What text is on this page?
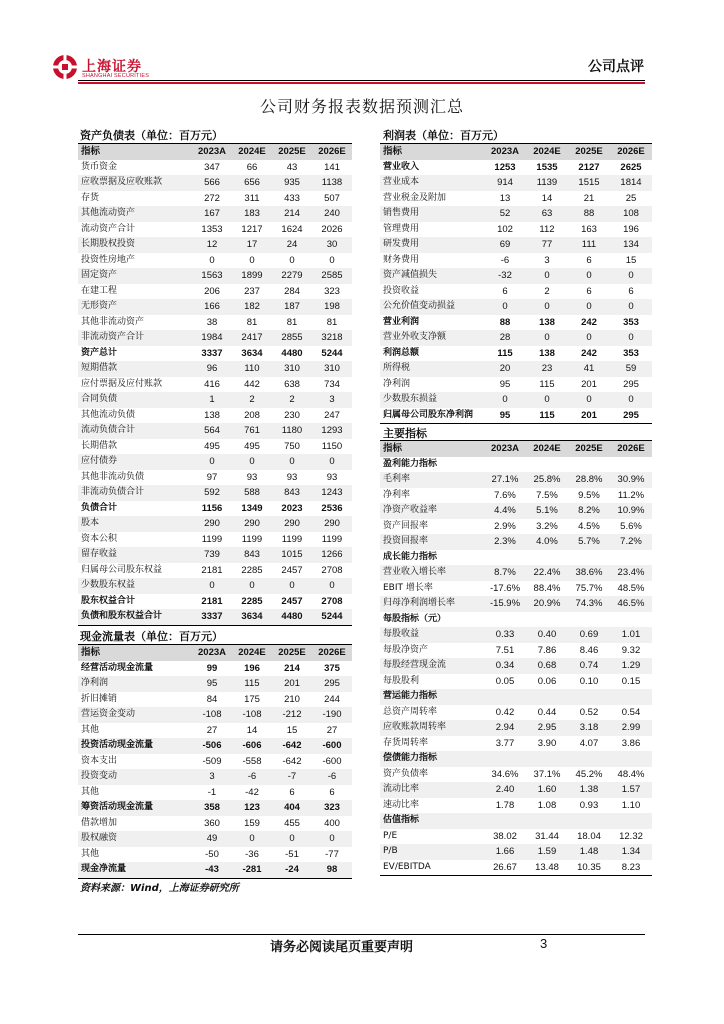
上海证券
SHANGHAI SECURITIES
公司点评
公司财务报表数据预测汇总
资产负债表（单位：百万元）
指标	2023A	2024E	2025E	2026E
货币资金	347	66	43	141
应收票据及应收账款	566	656	935	1138
存货	272	311	433	507
其他流动资产	167	183	214	240
流动资产合计	1353	1217	1624	2026
长期股权投资	12	17	24	30
投资性房地产	0	0	0	0
固定资产	1563	1899	2279	2585
在建工程	206	237	284	323
无形资产	166	182	187	198
其他非流动资产	38	81	81	81
非流动资产合计	1984	2417	2855	3218
资产总计	3337	3634	4480	5244
短期借款	96	110	310	310
应付票据及应付账款	416	442	638	734
合同负债	1	2	2	3
其他流动负债	138	208	230	247
流动负债合计	564	761	1180	1293
长期借款	495	495	750	1150
应付债券	0	0	0	0
其他非流动负债	97	93	93	93
非流动负债合计	592	588	843	1243
负债合计	1156	1349	2023	2536
股本	290	290	290	290
资本公积	1199	1199	1199	1199
留存收益	739	843	1015	1266
归属母公司股东权益	2181	2285	2457	2708
少数股东权益	0	0	0	0
股东权益合计	2181	2285	2457	2708
负债和股东权益合计	3337	3634	4480	5244
现金流量表（单位：百万元）
指标	2023A	2024E	2025E	2026E
经营活动现金流量	99	196	214	375
净利润	95	115	201	295
折旧摊销	84	175	210	244
营运资金变动	-108	-108	-212	-190
其他	27	14	15	27
投资活动现金流量	-506	-606	-642	-600
资本支出	-509	-558	-642	-600
投资变动	3	-6	-7	-6
其他	-1	-42	6	6
筹资活动现金流量	358	123	404	323
借款增加	360	159	455	400
股权融资	49	0	0	0
其他	-50	-36	-51	-77
现金净流量	-43	-281	-24	98
利润表（单位：百万元）
指标	2023A	2024E	2025E	2026E
营业收入	1253	1535	2127	2625
营业成本	914	1139	1515	1814
营业税金及附加	13	14	21	25
销售费用	52	63	88	108
管理费用	102	112	163	196
研发费用	69	77	111	134
财务费用	-6	3	6	15
资产减值损失	-32	0	0	0
投资收益	6	2	6	6
公允价值变动损益	0	0	0	0
营业利润	88	138	242	353
营业外收支净额	28	0	0	0
利润总额	115	138	242	353
所得税	20	23	41	59
净利润	95	115	201	295
少数股东损益	0	0	0	0
归属母公司股东净利润	95	115	201	295
主要指标
指标	2023A	2024E	2025E	2026E
盈利能力指标				
毛利率	27.1%	25.8%	28.8%	30.9%
净利率	7.6%	7.5%	9.5%	11.2%
净资产收益率	4.4%	5.1%	8.2%	10.9%
资产回报率	2.9%	3.2%	4.5%	5.6%
投资回报率	2.3%	4.0%	5.7%	7.2%
成长能力指标				
营业收入增长率	8.7%	22.4%	38.6%	23.4%
EBIT 增长率	-17.6%	88.4%	75.7%	48.5%
归母净利润增长率	-15.9%	20.9%	74.3%	46.5%
每股指标（元）				
每股收益	0.33	0.40	0.69	1.01
每股净资产	7.51	7.86	8.46	9.32
每股经营现金流	0.34	0.68	0.74	1.29
每股股利	0.05	0.06	0.10	0.15
营运能力指标				
总资产周转率	0.42	0.44	0.52	0.54
应收账款周转率	2.94	2.95	3.18	2.99
存货周转率	3.77	3.90	4.07	3.86
偿债能力指标				
资产负债率	34.6%	37.1%	45.2%	48.4%
流动比率	2.40	1.60	1.38	1.57
速动比率	1.78	1.08	0.93	1.10
估值指标				
P/E	38.02	31.44	18.04	12.32
P/B	1.66	1.59	1.48	1.34
EV/EBITDA	26.67	13.48	10.35	8.23
资料来源：Wind，上海证券研究所
请务必阅读尾页重要声明	3
